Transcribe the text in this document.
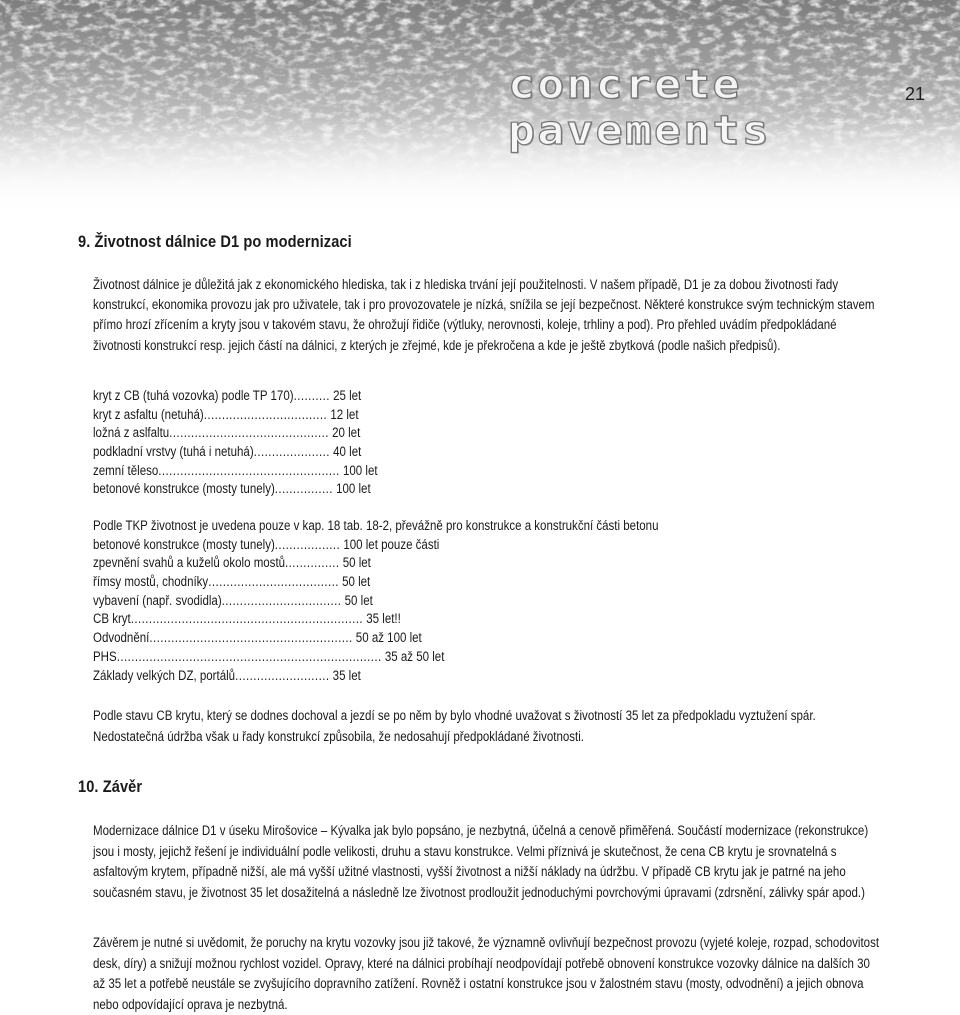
concrete pavements
21
9. Životnost dálnice D1 po modernizaci

Životnost dálnice je důležitá jak z ekonomického hlediska, tak i z hlediska trvání její použitelnosti. V našem případě, D1 je za dobou životnosti řady konstrukcí, ekonomika provozu jak pro uživatele, tak i pro provozovatele je nízká, snížila se její bezpečnost. Některé konstrukce svým technickým stavem přímo hrozí zřícením a kryty jsou v takovém stavu, že ohrožují řidiče (výtluky, nerovnosti, koleje, trhliny a pod). Pro přehled uvádím předpokládané životnosti konstrukcí resp. jejich částí na dálnici, z kterých je zřejmé, kde je překročena a kde je ještě zbytková (podle našich předpisů).

kryt z CB (tuhá vozovka) podle TP 170).......... 25 let
kryt z asfaltu (netuhá).................................. 12 let
ložná z aslfaltu............................................ 20 let
podkladní vrstvy (tuhá i netuhá)..................... 40 let
zemní těleso.................................................. 100 let
betonové konstrukce (mosty tunely)................ 100 let
Podle TKP životnost je uvedena pouze v kap. 18 tab. 18-2, převážně pro konstrukce a konstrukční části betonu
betonové konstrukce (mosty tunely).................. 100 let pouze části
zpevnění svahů a kuželů okolo mostů............... 50 let
římsy mostů, chodníky.................................... 50 let
vybavení (např. svodidla)................................. 50 let
CB kryt................................................................ 35 let!!
Odvodnění........................................................ 50 až 100 let
PHS......................................................................... 35 až 50 let
Základy velkých DZ, portálů.......................... 35 let

Podle stavu CB krytu, který se dodnes dochoval a jezdí se po něm by bylo vhodné uvažovat s životností 35 let za předpokladu vyztužení spár. Nedostatečná údržba však u řady konstrukcí způsobila, že nedosahují předpokládané životnosti.

10. Závěr

Modernizace dálnice D1 v úseku Mirošovice – Kývalka jak bylo popsáno, je nezbytná, účelná a cenově přiměřená. Součástí modernizace (rekonstrukce) jsou i mosty, jejichž řešení je individuální podle velikosti, druhu a stavu konstrukce. Velmi příznivá je skutečnost, že cena CB krytu je srovnatelná s asfaltovým krytem, případně nižší, ale má vyšší užitné vlastnosti, vyšší životnost a nižší náklady na údržbu. V případě CB krytu jak je patrné na jeho současném stavu, je životnost 35 let dosažitelná a následně lze životnost prodloužit jednoduchými povrchovými úpravami (zdrsnění, zálivky spár apod.)

Závěrem je nutné si uvědomit, že poruchy na krytu vozovky jsou již takové, že významně ovlivňují bezpečnost provozu (vyjeté koleje, rozpad, schodovitost desk, díry) a snižují možnou rychlost vozidel. Opravy, které na dálnici probíhají neodpovídají potřebě obnovení konstrukce vozovky dálnice na dalších 30 až 35 let a potřebě neustále se zvyšujícího dopravního zatížení. Rovněž i ostatní konstrukce jsou v žalostném stavu (mosty, odvodnění) a jejich obnova nebo odpovídající oprava je nezbytná.
